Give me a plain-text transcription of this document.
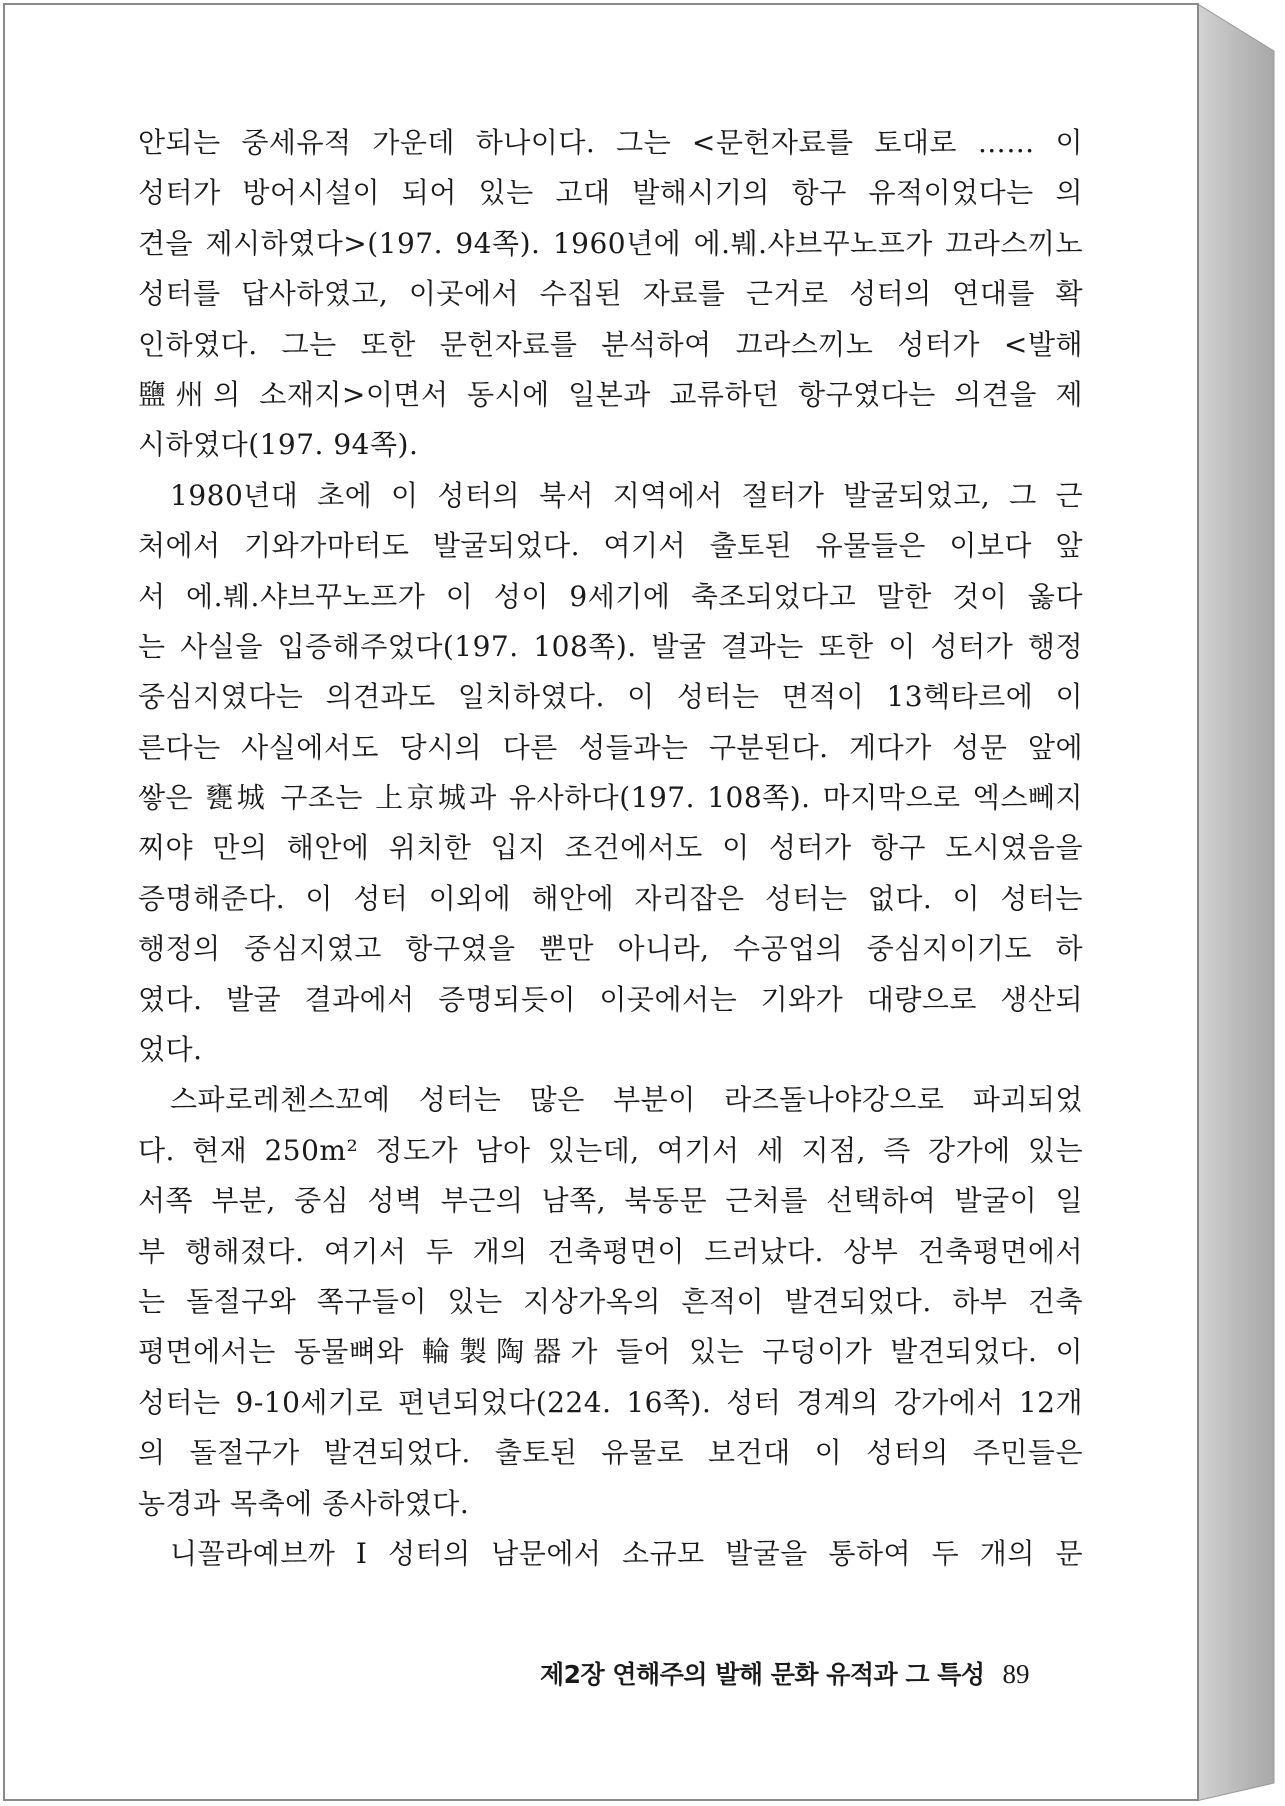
안되는 중세유적 가운데 하나이다. 그는 <문헌자료를 토대로 …… 이
성터가 방어시설이 되어 있는 고대 발해시기의 항구 유적이었다는 의
견을 제시하였다>(197. 94쪽). 1960년에 에.붸.샤브꾸노프가 끄라스끼노
성터를 답사하였고, 이곳에서 수집된 자료를 근거로 성터의 연대를 확
인하였다. 그는 또한 문헌자료를 분석하여 끄라스끼노 성터가 <발해
鹽州의 소재지>이면서 동시에 일본과 교류하던 항구였다는 의견을 제
시하였다(197. 94쪽).
1980년대 초에 이 성터의 북서 지역에서 절터가 발굴되었고, 그 근
처에서 기와가마터도 발굴되었다. 여기서 출토된 유물들은 이보다 앞
서 에.붸.샤브꾸노프가 이 성이 9세기에 축조되었다고 말한 것이 옳다
는 사실을 입증해주었다(197. 108쪽). 발굴 결과는 또한 이 성터가 행정
중심지였다는 의견과도 일치하였다. 이 성터는 면적이 13헥타르에 이
른다는 사실에서도 당시의 다른 성들과는 구분된다. 게다가 성문 앞에
쌓은 甕城 구조는 上京城과 유사하다(197. 108쪽). 마지막으로 엑스뻬지
찌야 만의 해안에 위치한 입지 조건에서도 이 성터가 항구 도시였음을
증명해준다. 이 성터 이외에 해안에 자리잡은 성터는 없다. 이 성터는
행정의 중심지였고 항구였을 뿐만 아니라, 수공업의 중심지이기도 하
였다. 발굴 결과에서 증명되듯이 이곳에서는 기와가 대량으로 생산되
었다.
스파로레첸스꼬예 성터는 많은 부분이 라즈돌나야강으로 파괴되었
다. 현재 250m² 정도가 남아 있는데, 여기서 세 지점, 즉 강가에 있는
서쪽 부분, 중심 성벽 부근의 남쪽, 북동문 근처를 선택하여 발굴이 일
부 행해졌다. 여기서 두 개의 건축평면이 드러났다. 상부 건축평면에서
는 돌절구와 쪽구들이 있는 지상가옥의 흔적이 발견되었다. 하부 건축
평면에서는 동물뼈와 輪製陶器가 들어 있는 구덩이가 발견되었다. 이
성터는 9-10세기로 편년되었다(224. 16쪽). 성터 경계의 강가에서 12개
의 돌절구가 발견되었다. 출토된 유물로 보건대 이 성터의 주민들은
농경과 목축에 종사하였다.
니꼴라예브까 I 성터의 남문에서 소규모 발굴을 통하여 두 개의 문
제2장 연해주의 발해 문화 유적과 그 특성 89
